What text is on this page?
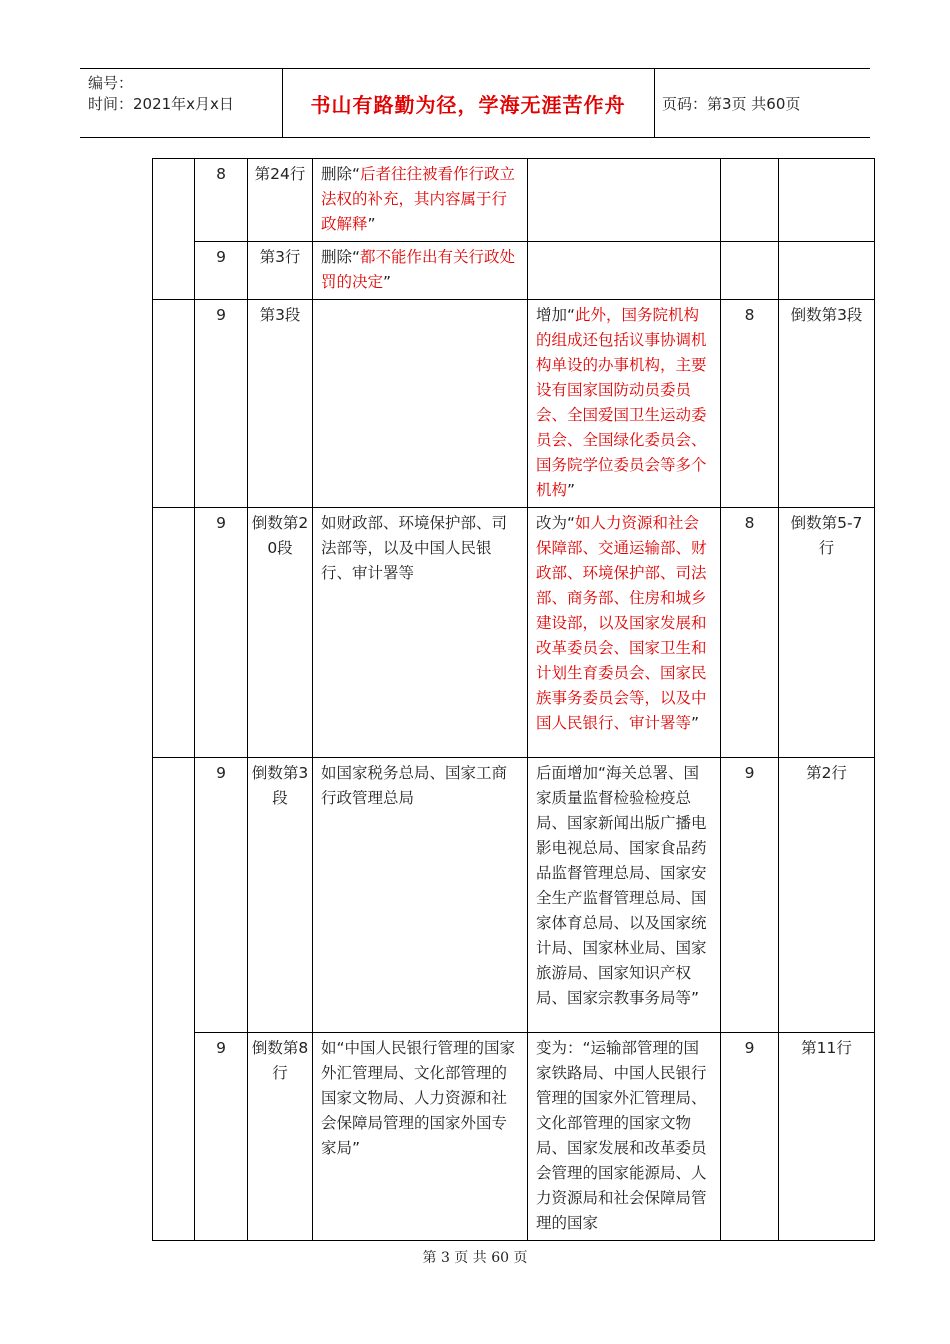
编号：
时间：2021年x月x日	书山有路勤为径，学海无涯苦作舟	页码：第3页 共60页
	8	第24行	删除“后者往往被看作行政立法权的补充，其内容属于行政解释”			
	9	第3行	删除“都不能作出有关行政处罚的决定”			
	9	第3段		增加“此外，国务院机构的组成还包括议事协调机构单设的办事机构，主要设有国家国防动员委员会、全国爱国卫生运动委员会、全国绿化委员会、国务院学位委员会等多个机构”	8	倒数第3段
	9	倒数第20段	如财政部、环境保护部、司法部等，以及中国人民银行、审计署等	改为“如人力资源和社会保障部、交通运输部、财政部、环境保护部、司法部、商务部、住房和城乡建设部，以及国家发展和改革委员会、国家卫生和计划生育委员会、国家民族事务委员会等，以及中国人民银行、审计署等”	8	倒数第5-7行
	9	倒数第3段	如国家税务总局、国家工商行政管理总局	后面增加“海关总署、国家质量监督检验检疫总局、国家新闻出版广播电影电视总局、国家食品药品监督管理总局、国家安全生产监督管理总局、国家体育总局、以及国家统计局、国家林业局、国家旅游局、国家知识产权局、国家宗教事务局等”	9	第2行
	9	倒数第8行	如“中国人民银行管理的国家外汇管理局、文化部管理的国家文物局、人力资源和社会保障局管理的国家外国专家局”	变为：“运输部管理的国家铁路局、中国人民银行管理的国家外汇管理局、文化部管理的国家文物局、国家发展和改革委员会管理的国家能源局、人力资源局和社会保障局管理的国家	9	第11行
第 3 页 共 60 页
